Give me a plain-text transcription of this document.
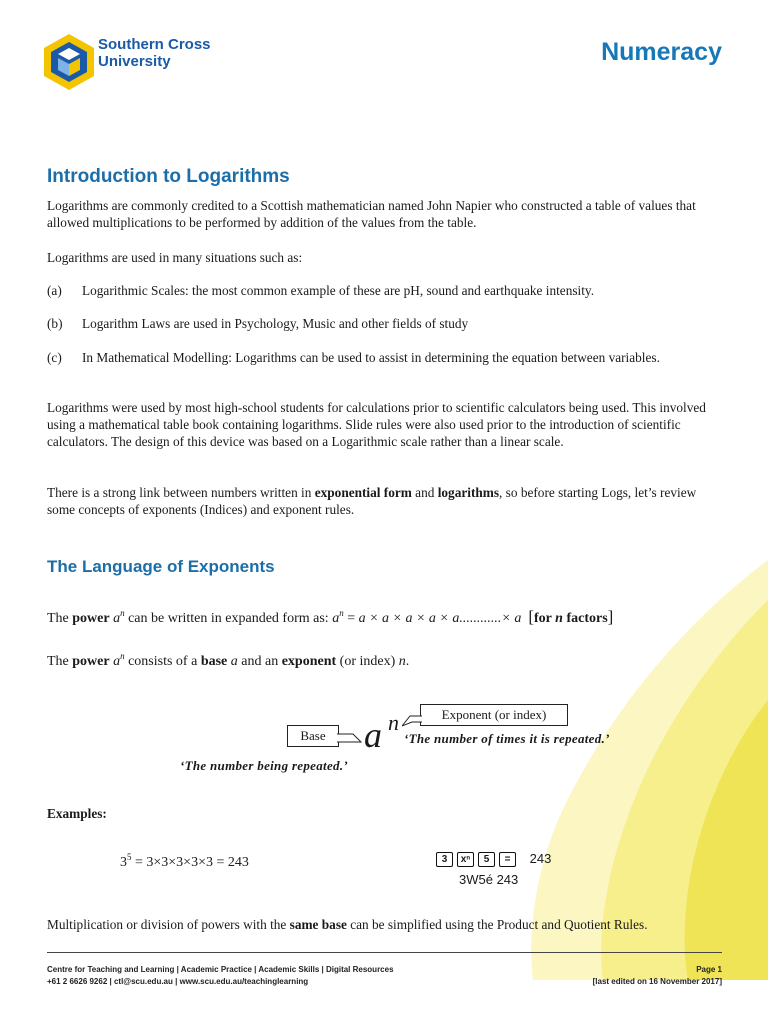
Southern Cross
University	Numeracy
Introduction to Logarithms
Logarithms are commonly credited to a Scottish mathematician named John Napier who constructed a table of values that allowed multiplications to be performed by addition of the values from the table.
Logarithms are used in many situations such as:
(a) Logarithmic Scales: the most common example of these are pH, sound and earthquake intensity.
(b) Logarithm Laws are used in Psychology, Music and other fields of study
(c) In Mathematical Modelling: Logarithms can be used to assist in determining the equation between variables.
Logarithms were used by most high-school students for calculations prior to scientific calculators being used. This involved using a mathematical table book containing logarithms. Slide rules were also used prior to the introduction of scientific calculators. The design of this device was based on a Logarithmic scale rather than a linear scale.
There is a strong link between numbers written in exponential form and logarithms, so before starting Logs, let’s review some concepts of exponents (Indices) and exponent rules.
The Language of Exponents
The power $a^n$ can be written in expanded form as: $a^n = a \times a \times a \times a \times a............\times a$ [for n factors]
The power $a^n$ consists of a base a and an exponent (or index) n.
Base	a n	Exponent (or index)
‘The number of times it is repeated.’
‘The number being repeated.’
Examples:
$3^5 = 3\times 3\times 3\times 3\times 3 = 243$	3 xⁿ 5 = 243
3W5é 243
Multiplication or division of powers with the same base can be simplified using the Product and Quotient Rules.
Centre for Teaching and Learning | Academic Practice | Academic Skills | Digital Resources
+61 2 6626 9262 | ctl@scu.edu.au | www.scu.edu.au/teachinglearning
Page 1
[last edited on 16 November 2017]
